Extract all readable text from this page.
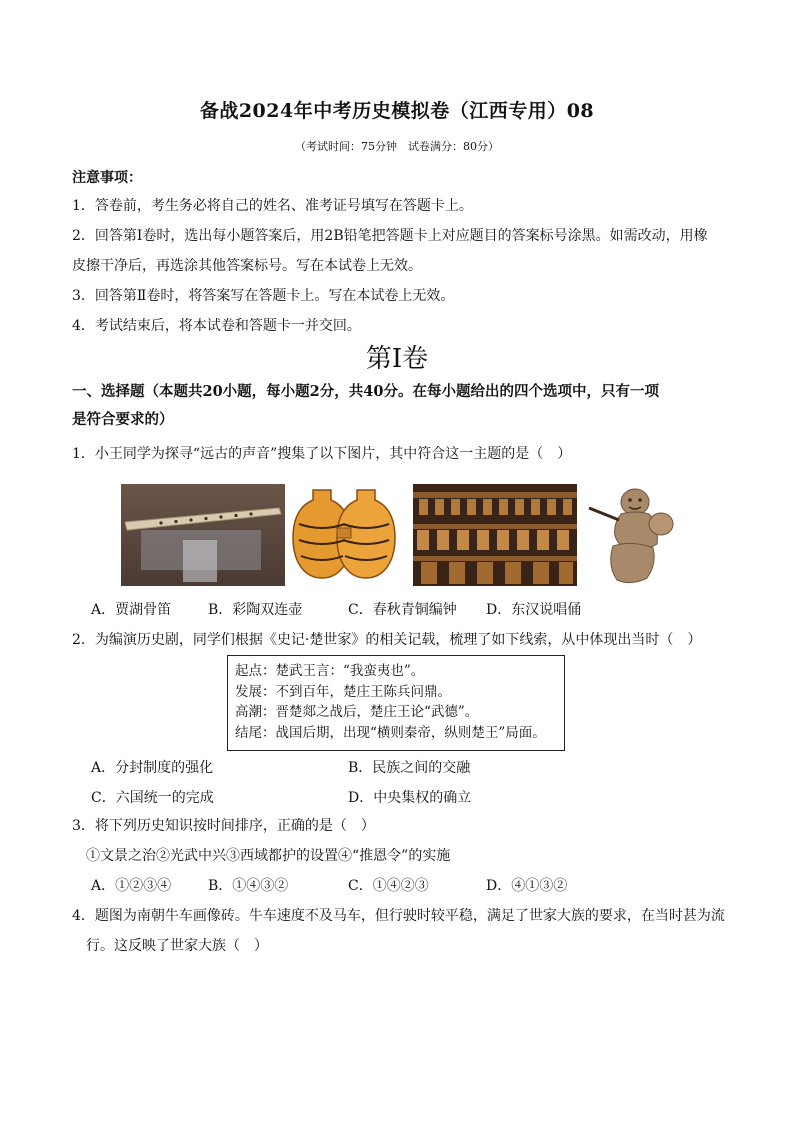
备战2024年中考历史模拟卷（江西专用）08
（考试时间：75分钟　试卷满分：80分）
注意事项：
1．答卷前，考生务必将自己的姓名、准考证号填写在答题卡上。
2．回答第Ⅰ卷时，选出每小题答案后，用2B铅笔把答题卡上对应题目的答案标号涂黑。如需改动，用橡
皮擦干净后，再选涂其他答案标号。写在本试卷上无效。
3．回答第Ⅱ卷时，将答案写在答题卡上。写在本试卷上无效。
4．考试结束后，将本试卷和答题卡一并交回。
第Ⅰ卷
一、选择题（本题共20小题，每小题2分，共40分。在每小题给出的四个选项中，只有一项
是符合要求的）
1．小王同学为探寻“远古的声音”搜集了以下图片，其中符合这一主题的是（　）
A．贾湖骨笛	B．彩陶双连壶	C．春秋青铜编钟 D．东汉说唱俑
2．为编演历史剧，同学们根据《史记·楚世家》的相关记载，梳理了如下线索，从中体现出当时（　）
起点：楚武王言：“我蛮夷也”。
发展：不到百年，楚庄王陈兵问鼎。
高潮：晋楚郯之战后，楚庄王论“武德”。
结尾：战国后期，出现“横则秦帝，纵则楚王”局面。
A．分封制度的强化	B．民族之间的交融
C．六国统一的完成	D．中央集权的确立
3．将下列历史知识按时间排序，正确的是（　）
①文景之治②光武中兴③西域都护的设置④“推恩令”的实施
A．①②③④	B．①④③②	C．①④②③	D．④①③②
4．题图为南朝牛车画像砖。牛车速度不及马车，但行驶时较平稳，满足了世家大族的要求，在当时甚为流
行。这反映了世家大族（　）
